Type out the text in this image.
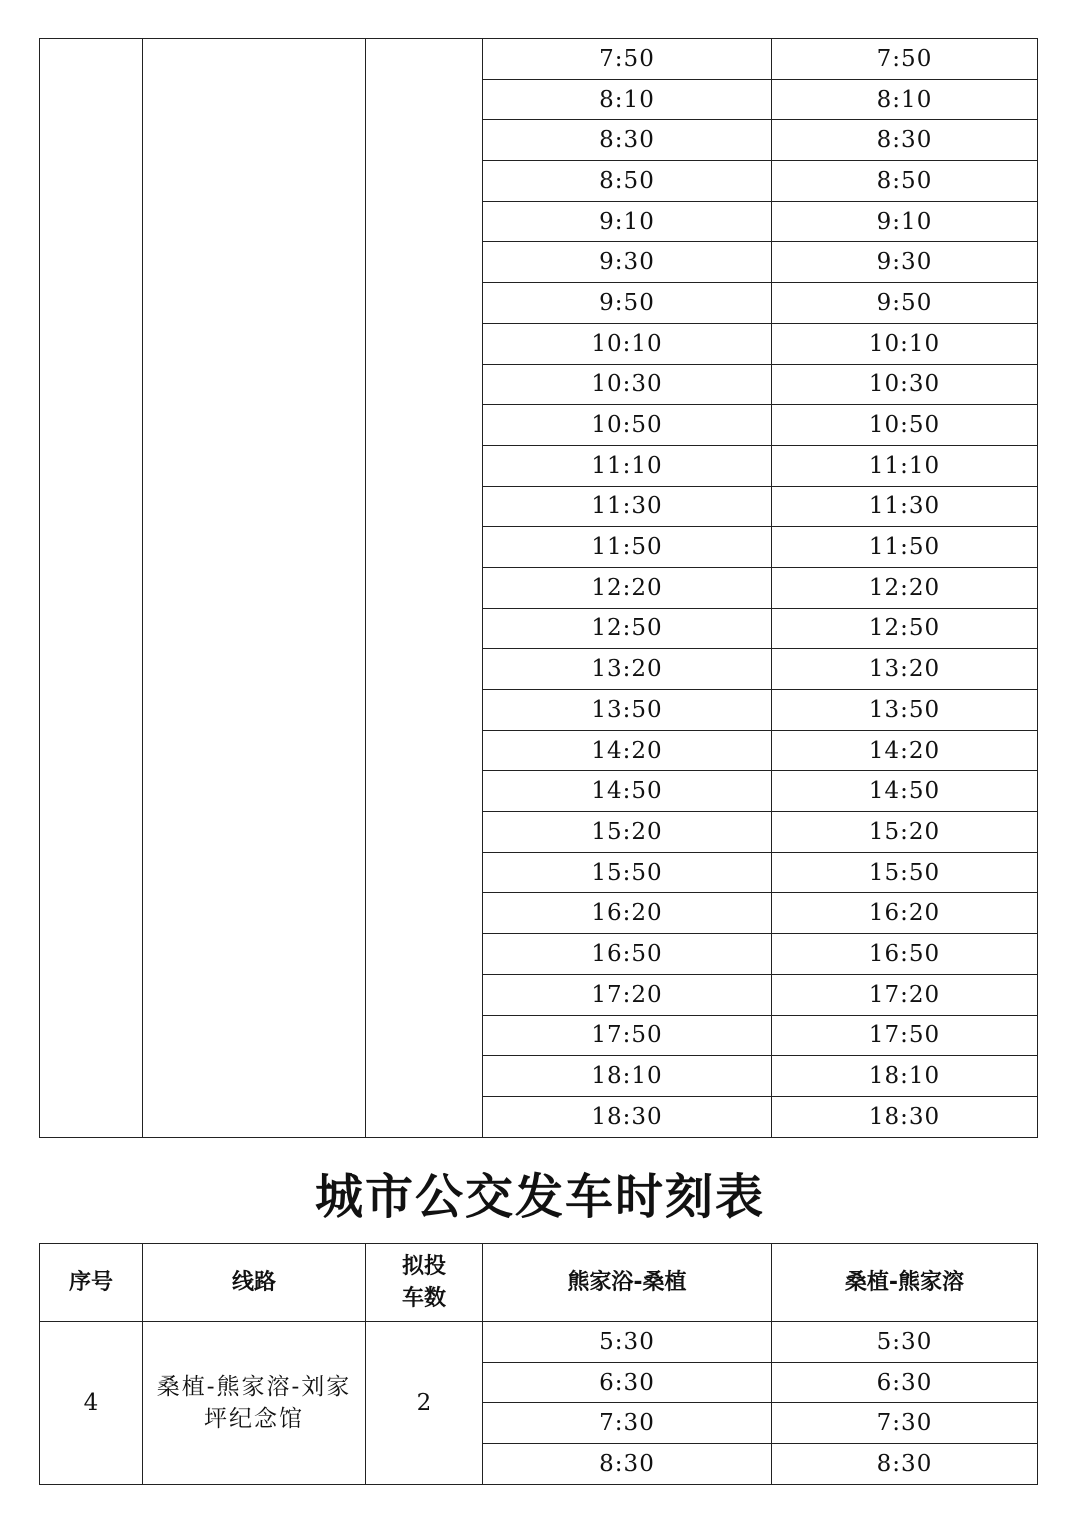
			7:50	7:50
			8:10	8:10
			8:30	8:30
			8:50	8:50
			9:10	9:10
			9:30	9:30
			9:50	9:50
			10:10	10:10
			10:30	10:30
			10:50	10:50
			11:10	11:10
			11:30	11:30
			11:50	11:50
			12:20	12:20
			12:50	12:50
			13:20	13:20
			13:50	13:50
			14:20	14:20
			14:50	14:50
			15:20	15:20
			15:50	15:50
			16:20	16:20
			16:50	16:50
			17:20	17:20
			17:50	17:50
			18:10	18:10
			18:30	18:30
城市公交发车时刻表
序号	线路	拟投车数	熊家浴-桑植	桑植-熊家溶
4	桑植-熊家溶-刘家坪纪念馆	2	5:30	5:30
			6:30	6:30
			7:30	7:30
			8:30	8:30
